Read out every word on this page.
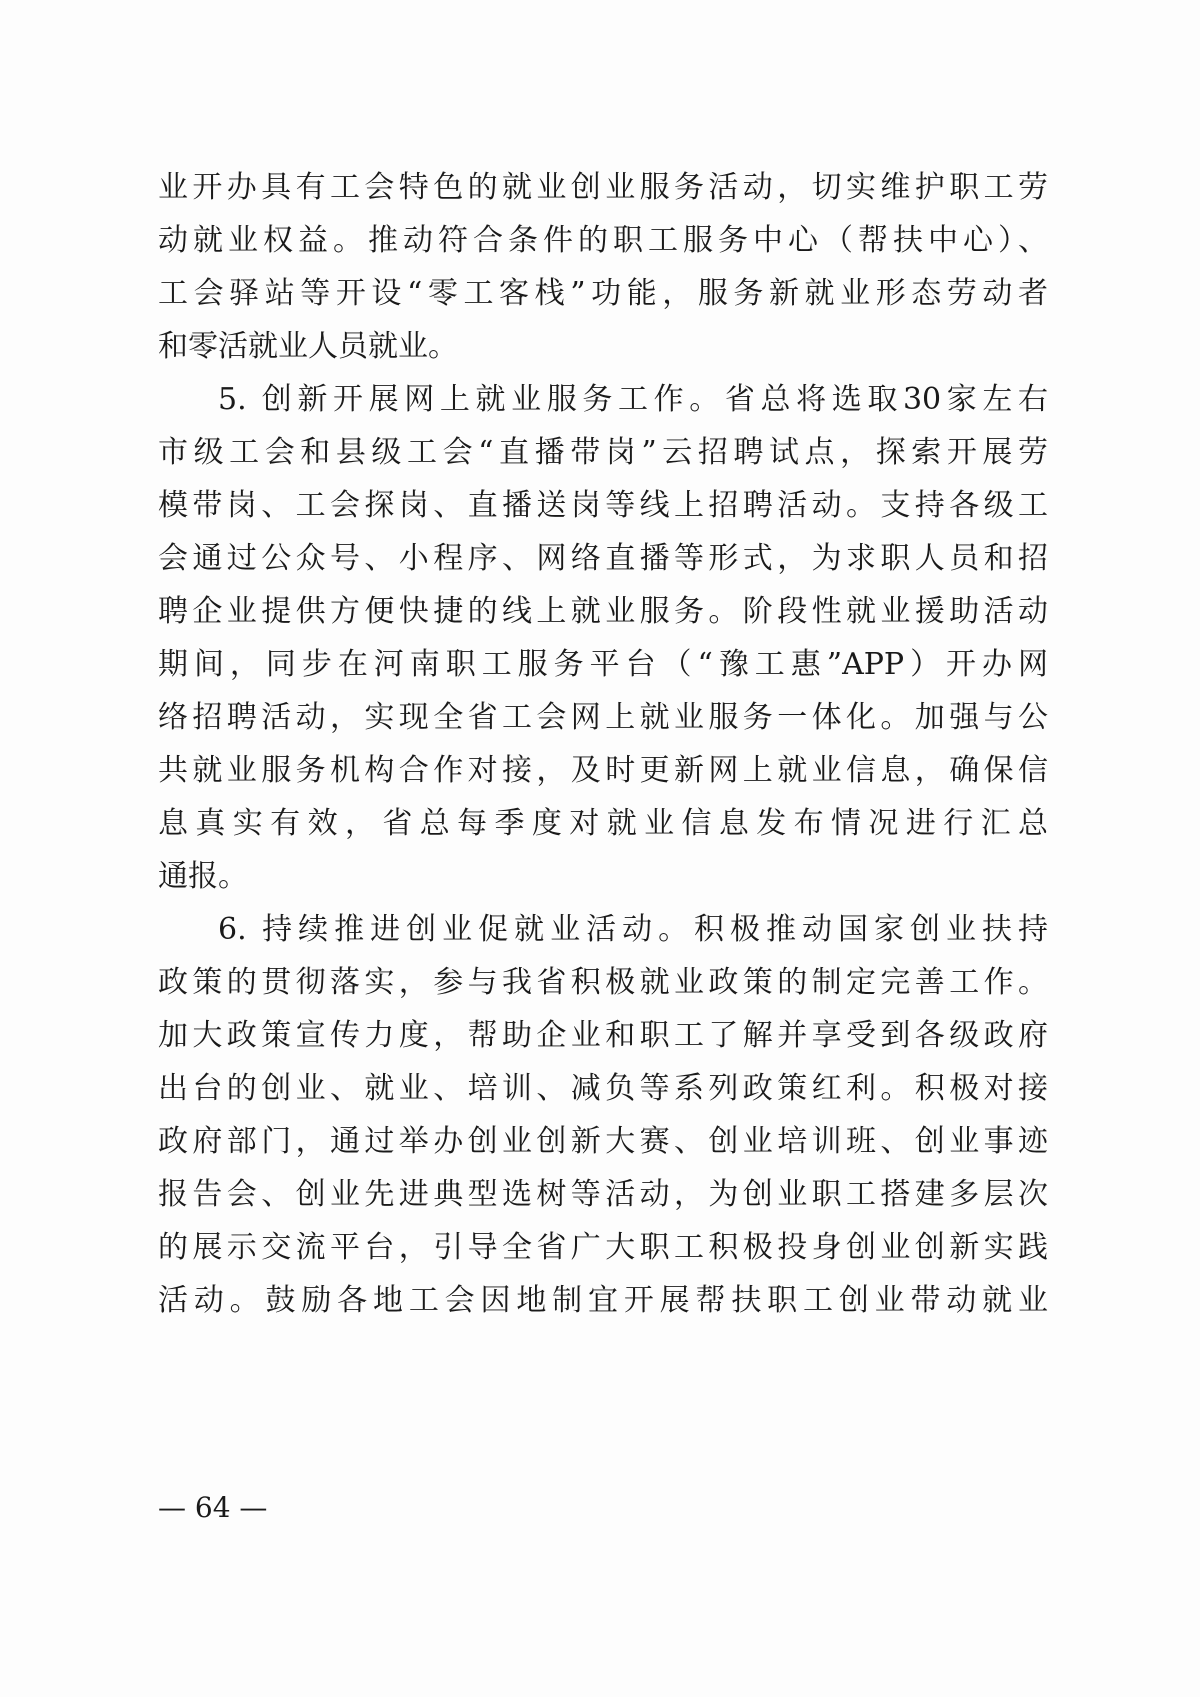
业开办具有工会特色的就业创业服务活动，切实维护职工劳
动就业权益。推动符合条件的职工服务中心（帮扶中心）、
工会驿站等开设“零工客栈”功能，服务新就业形态劳动者
和零活就业人员就业。
5. 创新开展网上就业服务工作。省总将选取30家左右
市级工会和县级工会“直播带岗”云招聘试点，探索开展劳
模带岗、工会探岗、直播送岗等线上招聘活动。支持各级工
会通过公众号、小程序、网络直播等形式，为求职人员和招
聘企业提供方便快捷的线上就业服务。阶段性就业援助活动
期间，同步在河南职工服务平台（“豫工惠”APP）开办网
络招聘活动，实现全省工会网上就业服务一体化。加强与公
共就业服务机构合作对接，及时更新网上就业信息，确保信
息真实有效，省总每季度对就业信息发布情况进行汇总
通报。
6. 持续推进创业促就业活动。积极推动国家创业扶持
政策的贯彻落实，参与我省积极就业政策的制定完善工作。
加大政策宣传力度，帮助企业和职工了解并享受到各级政府
出台的创业、就业、培训、减负等系列政策红利。积极对接
政府部门，通过举办创业创新大赛、创业培训班、创业事迹
报告会、创业先进典型选树等活动，为创业职工搭建多层次
的展示交流平台，引导全省广大职工积极投身创业创新实践
活动。鼓励各地工会因地制宜开展帮扶职工创业带动就业
— 64 —
